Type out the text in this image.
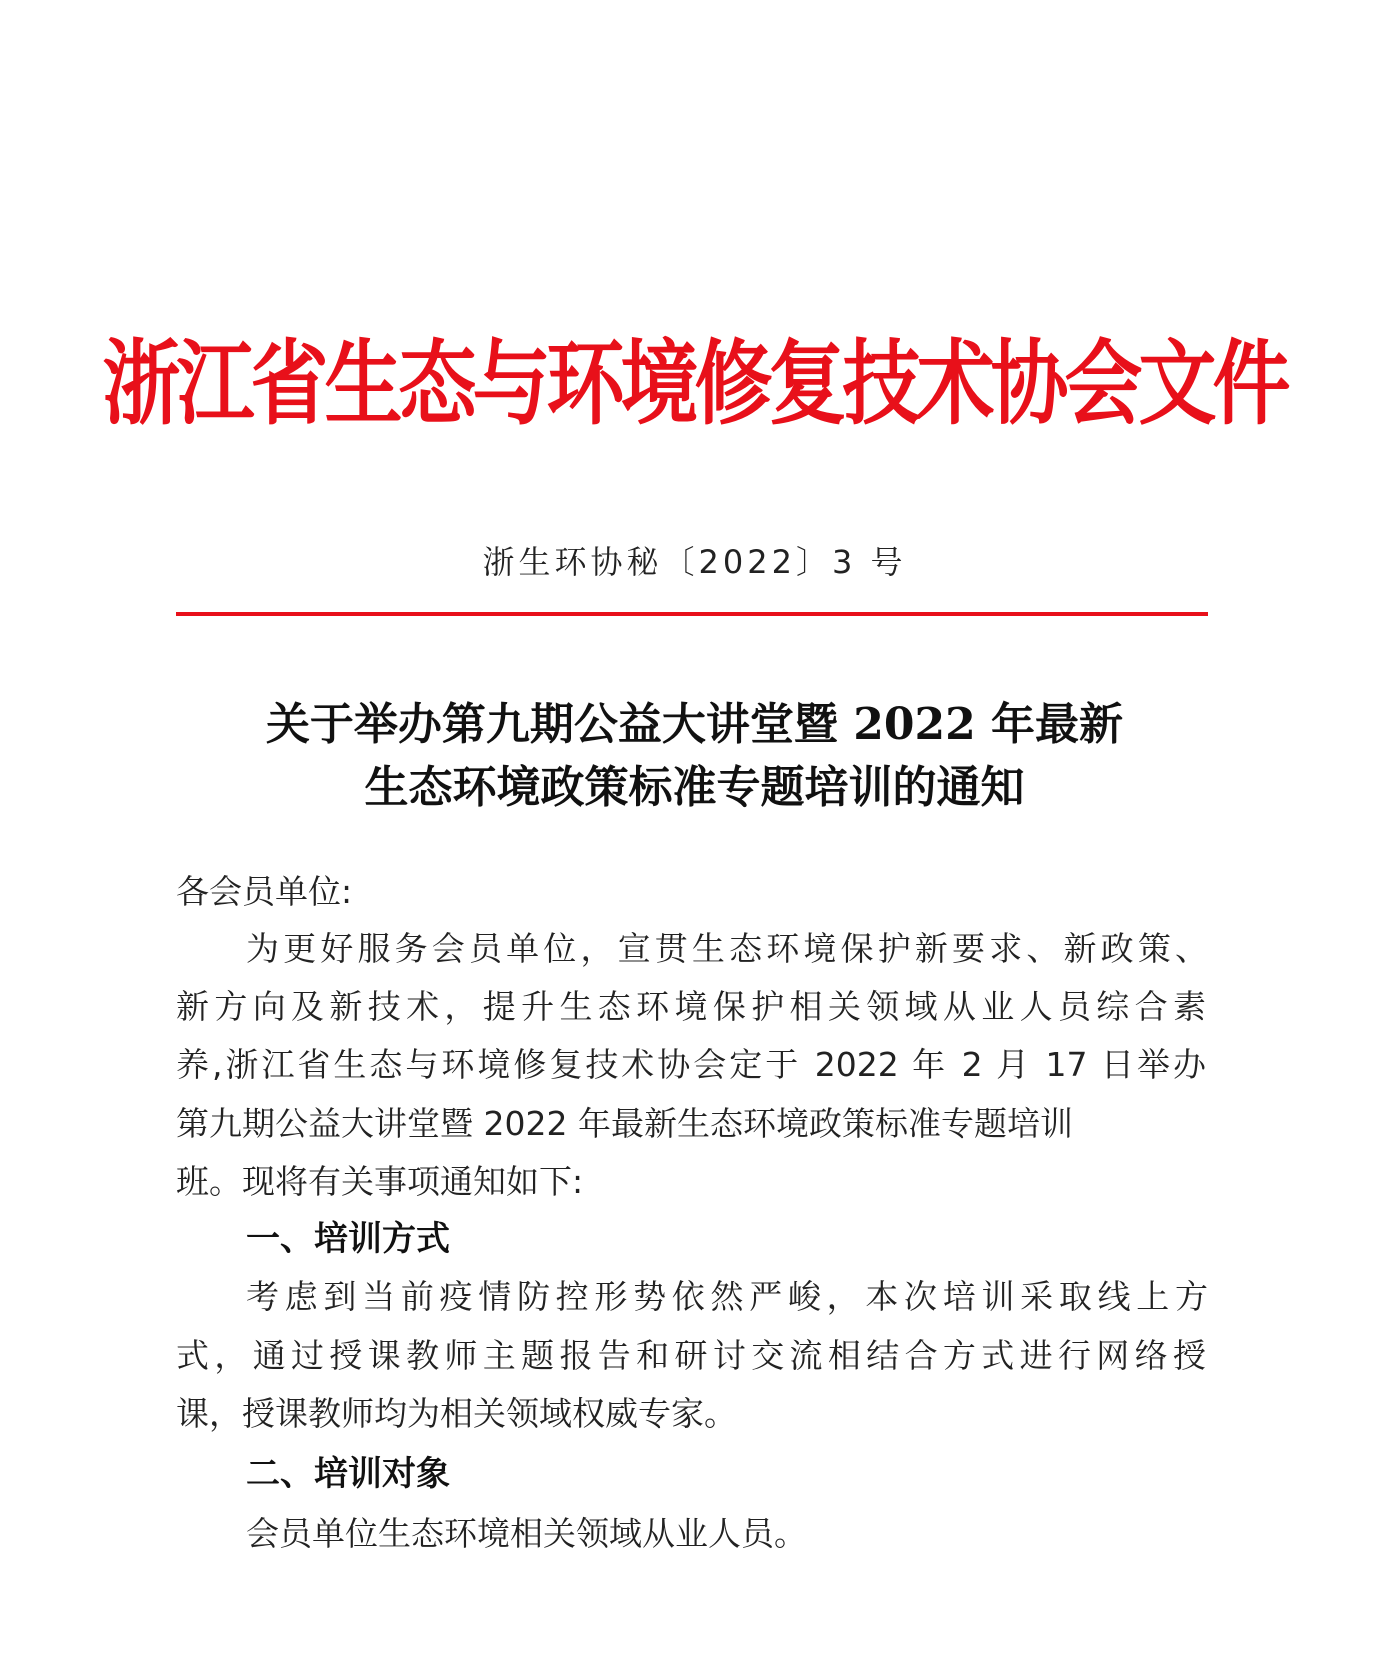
浙江省生态与环境修复技术协会文件
浙生环协秘〔2022〕3 号
关于举办第九期公益大讲堂暨 2022 年最新
生态环境政策标准专题培训的通知
各会员单位:
为更好服务会员单位，宣贯生态环境保护新要求、新政策、
新方向及新技术，提升生态环境保护相关领域从业人员综合素
养,浙江省生态与环境修复技术协会定于 2022 年 2 月 17 日举办
第九期公益大讲堂暨 2022 年最新生态环境政策标准专题培训
班。现将有关事项通知如下:
一、培训方式
考虑到当前疫情防控形势依然严峻，本次培训采取线上方
式，通过授课教师主题报告和研讨交流相结合方式进行网络授
课，授课教师均为相关领域权威专家。
二、培训对象
会员单位生态环境相关领域从业人员。
